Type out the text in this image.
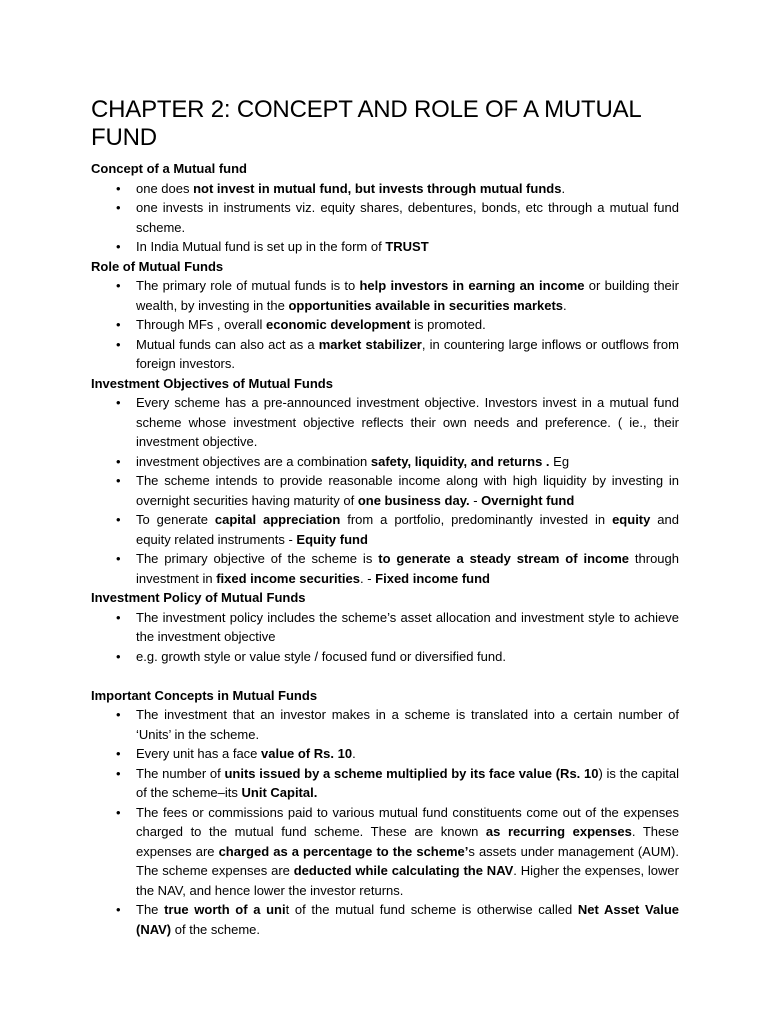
CHAPTER 2: CONCEPT AND ROLE OF A MUTUAL FUND
Concept of a Mutual fund
• one does not invest in mutual fund, but invests through mutual funds.
• one invests in instruments viz. equity shares, debentures, bonds, etc through a mutual fund scheme.
• In India Mutual fund is set up in the form of TRUST
Role of Mutual Funds
• The primary role of mutual funds is to help investors in earning an income or building their wealth, by investing in the opportunities available in securities markets.
• Through MFs , overall economic development is promoted.
• Mutual funds can also act as a market stabilizer, in countering large inflows or outflows from foreign investors.
Investment Objectives of Mutual Funds
• Every scheme has a pre-announced investment objective. Investors invest in a mutual fund scheme whose investment objective reflects their own needs and preference. ( ie., their investment objective.
• investment objectives are a combination safety, liquidity, and returns . Eg
• The scheme intends to provide reasonable income along with high liquidity by investing in overnight securities having maturity of one business day. - Overnight fund
• To generate capital appreciation from a portfolio, predominantly invested in equity and equity related instruments - Equity fund
• The primary objective of the scheme is to generate a steady stream of income through investment in fixed income securities. - Fixed income fund
Investment Policy of Mutual Funds
• The investment policy includes the scheme’s asset allocation and investment style to achieve the investment objective
• e.g. growth style or value style / focused fund or diversified fund.
Important Concepts in Mutual Funds
• The investment that an investor makes in a scheme is translated into a certain number of ‘Units’ in the scheme.
• Every unit has a face value of Rs. 10.
• The number of units issued by a scheme multiplied by its face value (Rs. 10) is the capital of the scheme–its Unit Capital.
• The fees or commissions paid to various mutual fund constituents come out of the expenses charged to the mutual fund scheme. These are known as recurring expenses. These expenses are charged as a percentage to the scheme’s assets under management (AUM). The scheme expenses are deducted while calculating the NAV. Higher the expenses, lower the NAV, and hence lower the investor returns.
• The true worth of a unit of the mutual fund scheme is otherwise called Net Asset Value (NAV) of the scheme.
